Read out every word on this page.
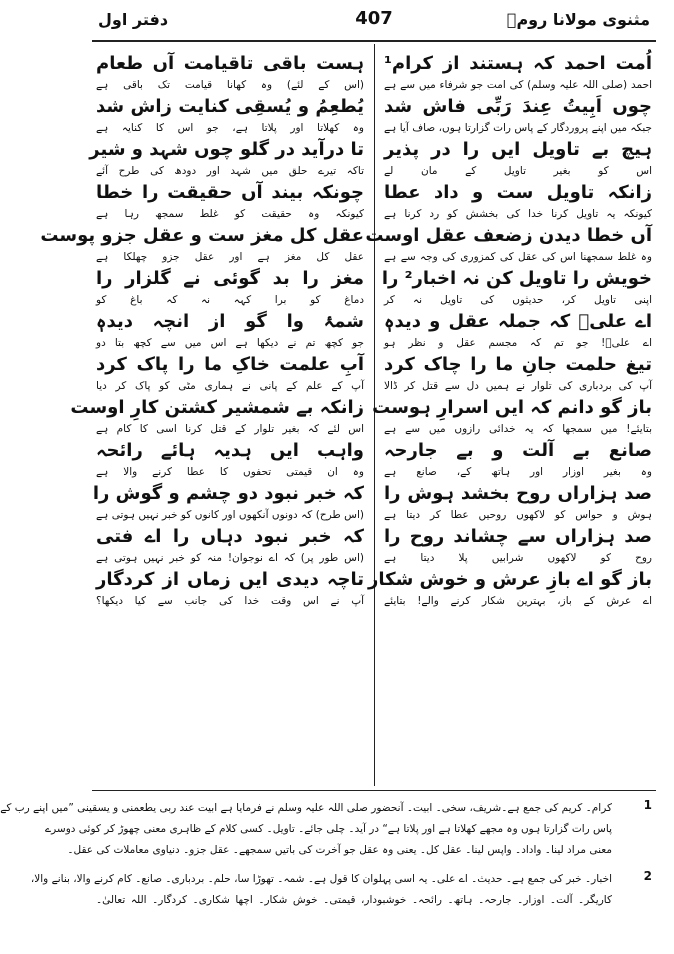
مثنوی مولانا رومؒ
407
دفتر اول
اُمت احمد کہ ہستند از کرام¹
احمد (صلی اللہ علیہ وسلم) کی امت جو شرفاء میں سے ہے
چوں اَبِیتُ عِندَ رَبِّی فاش شد
جبکہ میں اپنے پروردگار کے پاس رات گزارتا ہوں، صاف آیا ہے
ہیچ بے تاویل ایں را در پذیر
اس کو بغیر تاویل کے مان لے
زانکہ تاویل ست و داد عطا
کیونکہ یہ تاویل کرنا خدا کی بخشش کو رد کرنا ہے
آں خطا دیدن زضعف عقل اوست
وہ غلط سمجھنا اس کی عقل کی کمزوری کی وجہ سے ہے
خویش را تاویل کن نہ اخبار² را
اپنی تاویل کر، حدیثوں کی تاویل نہ کر
اے علیؓ کہ جملہ عقل و دیدہٖ
اے علیؓ! جو تم کہ مجسم عقل و نظر ہو
تیغ حلمت جانِ ما را چاک کرد
آپ کی بردباری کی تلوار نے ہمیں دل سے قتل کر ڈالا
باز گو دانم کہ ایں اسرارِ ہوست
بتایئے! میں سمجھا کہ یہ خدائی رازوں میں سے ہے
صانع بے آلت و بے جارحہ
وہ بغیر اوزار اور ہاتھ کے، صانع ہے
صد ہزاراں روح بخشد ہوش را
ہوش و حواس کو لاکھوں روحیں عطا کر دیتا ہے
صد ہزاراں سے چشاند روح را
روح کو لاکھوں شرابیں پلا دیتا ہے
باز گو اے بازِ عرش و خوش شکار
اے عرش کے باز، بہترین شکار کرنے والے! بتایئے
ہست باقی تاقیامت آں طعام
(اس کے لئے) وہ کھانا قیامت تک باقی ہے
یُطعِمُ و یُسقِی کنایت زاش شد
وہ کھلاتا اور پلاتا ہے، جو اس کا کنایہ ہے
تا درآید در گلو چوں شہد و شیر
تاکہ تیرے حلق میں شہد اور دودھ کی طرح آئے
چونکہ بیند آں حقیقت را خطا
کیونکہ وہ حقیقت کو غلط سمجھ رہا ہے
عقل کل مغز ست و عقل جزو پوست
عقل کل مغز ہے اور عقل جزو چھلکا ہے
مغز را بد گوئی نے گلزار را
دماغ کو برا کہہ نہ کہ باغ کو
شمۂ وا گو از انچہ دیدہٖ
جو کچھ تم نے دیکھا ہے اس میں سے کچھ بتا دو
آبِ علمت خاکِ ما را پاک کرد
آپ کے علم کے پانی نے ہماری مٹی کو پاک کر دیا
زانکہ بے شمشیر کشتن کارِ اوست
اس لئے کہ بغیر تلوار کے قتل کرنا اسی کا کام ہے
واہب ایں ہدیہ ہائے رائحہ
وہ ان قیمتی تحفوں کا عطا کرنے والا ہے
کہ خبر نبود دو چشم و گوش را
(اس طرح) کہ دونوں آنکھوں اور کانوں کو خبر نہیں ہوتی ہے
کہ خبر نبود دہاں را اے فتی
(اس طور پر) کہ اے نوجوان! منہ کو خبر نہیں ہوتی ہے
تاچہ دیدی ایں زماں از کردگار
آپ نے اس وقت خدا کی جانب سے کیا دیکھا؟
1
کرام۔ کریم کی جمع ہے۔شریف، سخی۔ ابیت۔ آنحضور صلی اللہ علیہ وسلم نے فرمایا ہے ابیت عند ربی یطعمنی و یسقینی ”میں اپنے رب کے
پاس رات گزارتا ہوں وہ مجھے کھلاتا ہے اور پلاتا ہے“ در آید۔ چلی جائے۔ تاویل۔ کسی کلام کے ظاہری معنی چھوڑ کر کوئی دوسرے
معنی مراد لینا۔ واداد۔ واپس لینا۔ عقل کل۔ یعنی وہ عقل جو آخرت کی باتیں سمجھے۔ عقل جزو۔ دنیاوی معاملات کی عقل۔
2
اخبار۔ خبر کی جمع ہے۔ حدیث۔ اے علی۔ یہ اسی پہلوان کا قول ہے۔ شمہ۔ تھوڑا سا، حلم۔ بردباری۔ صانع۔ کام کرنے والا، بنانے والا،
کاریگر۔ آلت۔ اوزار۔ جارحہ۔ ہاتھ۔ رائحہ۔ خوشبودار، قیمتی۔ خوش شکار۔ اچھا شکاری۔ کردگار۔ اللہ تعالیٰ۔
